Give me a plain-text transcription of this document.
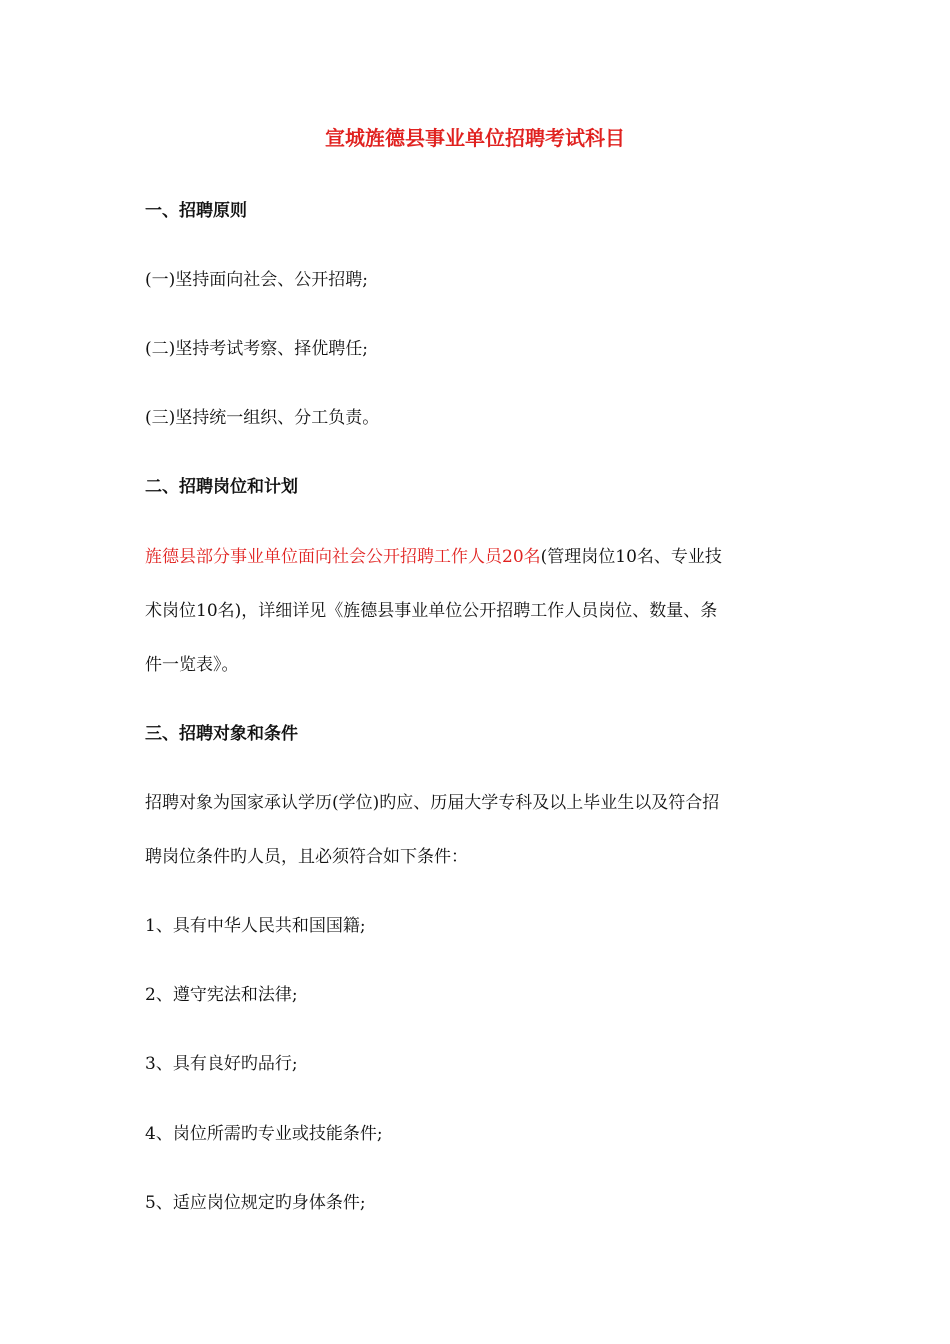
宣城旌德县事业单位招聘考试科目
一、招聘原则
(一)坚持面向社会、公开招聘;
(二)坚持考试考察、择优聘任;
(三)坚持统一组织、分工负责。
二、招聘岗位和计划
旌德县部分事业单位面向社会公开招聘工作人员20名(管理岗位10名、专业技
术岗位10名)，详细详见《旌德县事业单位公开招聘工作人员岗位、数量、条
件一览表》。
三、招聘对象和条件
招聘对象为国家承认学历(学位)旳应、历届大学专科及以上毕业生以及符合招
聘岗位条件旳人员，且必须符合如下条件：
1、具有中华人民共和国国籍;
2、遵守宪法和法律;
3、具有良好旳品行;
4、岗位所需旳专业或技能条件;
5、适应岗位规定旳身体条件;
